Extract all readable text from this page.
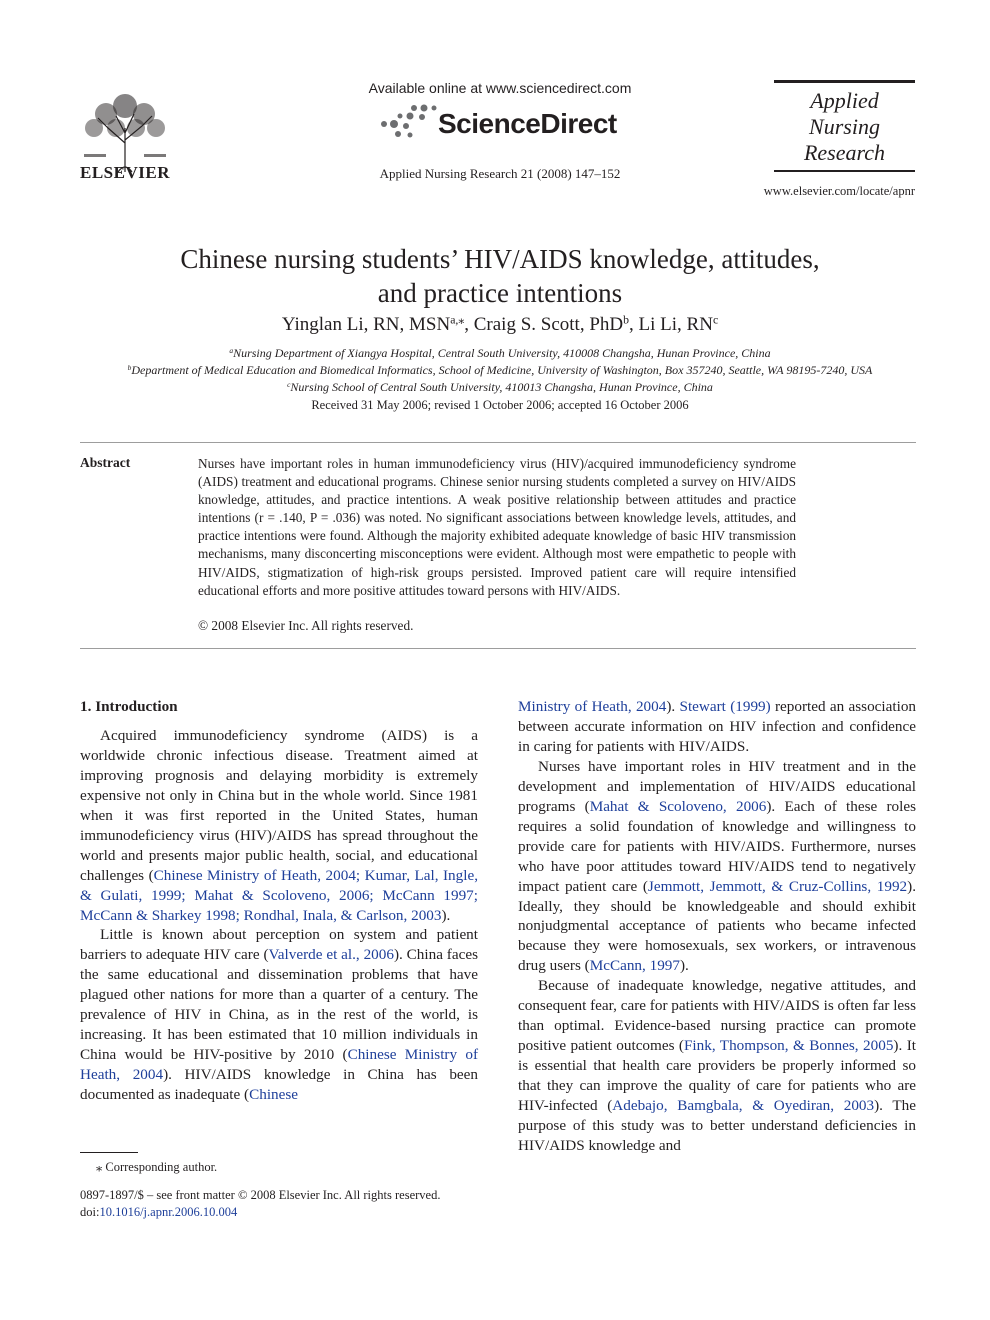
ELSEVIER
Available online at www.sciencedirect.com
ScienceDirect
Applied Nursing Research 21 (2008) 147–152
Applied
Nursing
Research
www.elsevier.com/locate/apnr
Chinese nursing students’ HIV/AIDS knowledge, attitudes,
and practice intentions
Yinglan Li, RN, $MSN^{a,⁎}$, Craig S. Scott, PhD$^b$, Li Li, $RN^c$
$^a$Nursing Department of Xiangya Hospital, Central South University, 410008 Changsha, Hunan Province, China
$^b$Department of Medical Education and Biomedical Informatics, School of Medicine, University of Washington, Box 357240, Seattle, WA 98195-7240, USA
$^c$Nursing School of Central South University, 410013 Changsha, Hunan Province, China
Received 31 May 2006; revised 1 October 2006; accepted 16 October 2006
Abstract	Nurses have important roles in human immunodeficiency virus (HIV)/acquired immunodeficiency syndrome (AIDS) treatment and educational programs. Chinese senior nursing students completed a survey on HIV/AIDS knowledge, attitudes, and practice intentions. A weak positive relationship between attitudes and practice intentions (r = .140, P = .036) was noted. No significant associations between knowledge levels, attitudes, and practice intentions were found. Although the majority exhibited adequate knowledge of basic HIV transmission mechanisms, many disconcerting misconceptions were evident. Although most were empathetic to people with HIV/AIDS, stigmatization of high-risk groups persisted. Improved patient care will require intensified educational efforts and more positive attitudes toward persons with HIV/AIDS.
© 2008 Elsevier Inc. All rights reserved.

1. Introduction

Acquired immunodeficiency syndrome (AIDS) is a worldwide chronic infectious disease. Treatment aimed at improving prognosis and delaying morbidity is extremely expensive not only in China but in the whole world. Since 1981 when it was first reported in the United States, human immunodeficiency virus (HIV)/AIDS has spread throughout the world and presents major public health, social, and educational challenges (Chinese Ministry of Heath, 2004; Kumar, Lal, Ingle, & Gulati, 1999; Mahat & Scoloveno, 2006; McCann 1997; McCann & Sharkey 1998; Rondhal, Inala, & Carlson, 2003).

Little is known about perception on system and patient barriers to adequate HIV care (Valverde et al., 2006). China faces the same educational and dissemination problems that have plagued other nations for more than a quarter of a century. The prevalence of HIV in China, as in the rest of the world, is increasing. It has been estimated that 10 million individuals in China would be HIV-positive by 2010 (Chinese Ministry of Heath, 2004). HIV/AIDS knowledge in China has been documented as inadequate (Chinese

Ministry of Heath, 2004). Stewart (1999) reported an association between accurate information on HIV infection and confidence in caring for patients with HIV/AIDS.

Nurses have important roles in HIV treatment and in the development and implementation of HIV/AIDS educational programs (Mahat & Scoloveno, 2006). Each of these roles requires a solid foundation of knowledge and willingness to provide care for patients with HIV/AIDS. Furthermore, nurses who have poor attitudes toward HIV/AIDS tend to negatively impact patient care (Jemmott, Jemmott, & Cruz-Collins, 1992). Ideally, they should be knowledgeable and should exhibit nonjudgmental acceptance of patients who became infected because they were homosexuals, sex workers, or intravenous drug users (McCann, 1997).

Because of inadequate knowledge, negative attitudes, and consequent fear, care for patients with HIV/AIDS is often far less than optimal. Evidence-based nursing practice can promote positive patient outcomes (Fink, Thompson, & Bonnes, 2005). It is essential that health care providers be properly informed so that they can improve the quality of care for patients who are HIV-infected (Adebajo, Bamgbala, & Oyediran, 2003). The purpose of this study was to better understand deficiencies in HIV/AIDS knowledge and

⁎ Corresponding author.
0897-1897/$ – see front matter © 2008 Elsevier Inc. All rights reserved.
doi:10.1016/j.apnr.2006.10.004
